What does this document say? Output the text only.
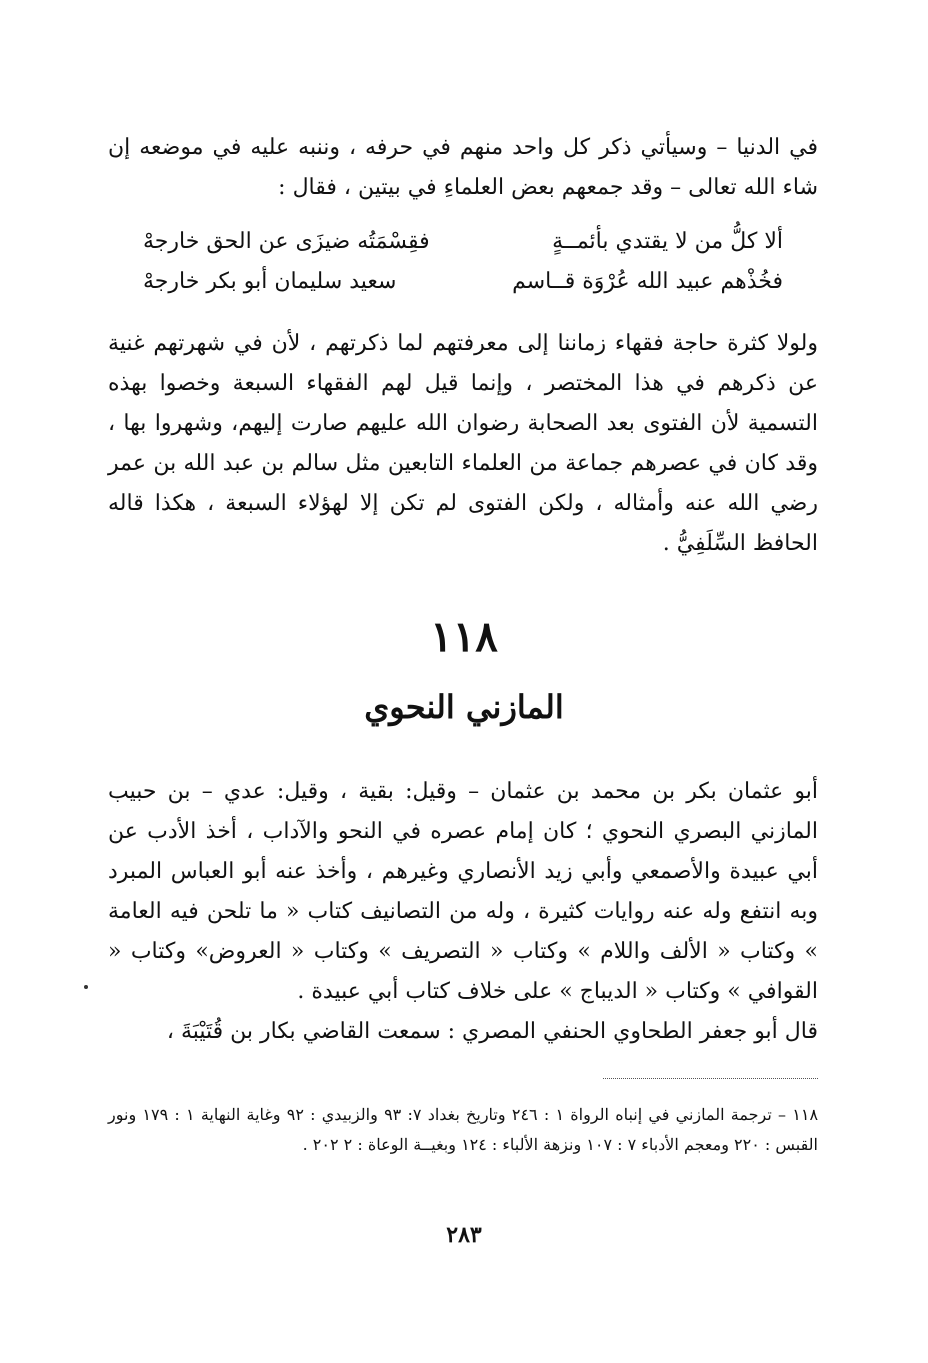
في الدنيا – وسيأتي ذكر كل واحد منهم في حرفه ، وننبه عليه في موضعه إن شاء الله تعالى – وقد جمعهم بعض العلماءِ في بيتين ، فقال :

ألا كلُّ من لا يقتدي بأئمــةٍ
فقِسْمَتُه ضيزَى عن الحق خارجهْ
فخُذْهم عبيد الله عُرْوَة قــاسم
سعيد سليمان أبو بكر خارجهْ

ولولا كثرة حاجة فقهاء زماننا إلى معرفتهم لما ذكرتهم ، لأن في شهرتهم غنية عن ذكرهم في هذا المختصر ، وإنما قيل لهم الفقهاء السبعة وخصوا بهذه التسمية لأن الفتوى بعد الصحابة رضوان الله عليهم صارت إليهم، وشهروا بها ، وقد كان في عصرهم جماعة من العلماء التابعين مثل سالم بن عبد الله بن عمر رضي الله عنه وأمثاله ، ولكن الفتوى لم تكن إلا لهؤلاء السبعة ، هكذا قاله الحافظ السِّلَفِيُّ .

١١٨
المازني النحوي
أبو عثمان بكر بن محمد بن عثمان – وقيل: بقية ، وقيل: عدي – بن حبيب المازني البصري النحوي ؛ كان إمام عصره في النحو والآداب ، أخذ الأدب عن أبي عبيدة والأصمعي وأبي زيد الأنصاري وغيرهم ، وأخذ عنه أبو العباس المبرد وبه انتفع وله عنه روايات كثيرة ، وله من التصانيف كتاب « ما تلحن فيه العامة » وكتاب « الألف واللام » وكتاب « التصريف » وكتاب « العروض» وكتاب « القوافي » وكتاب « الديباج » على خلاف كتاب أبي عبيدة .
قال أبو جعفر الطحاوي الحنفي المصري : سمعت القاضي بكار بن قُتَيْبَةَ ،

١١٨ – ترجمة المازني في إنباه الرواة ١ : ٢٤٦ وتاريخ بغداد ٧: ٩٣ والزبيدي : ٩٢ وغاية النهاية ١ : ١٧٩ ونور القبس : ٢٢٠ ومعجم الأدباء ٧ : ١٠٧ ونزهة الألباء : ١٢٤ وبغيــة الوعاة : ٢ ٢٠٢ .

٢٨٣
